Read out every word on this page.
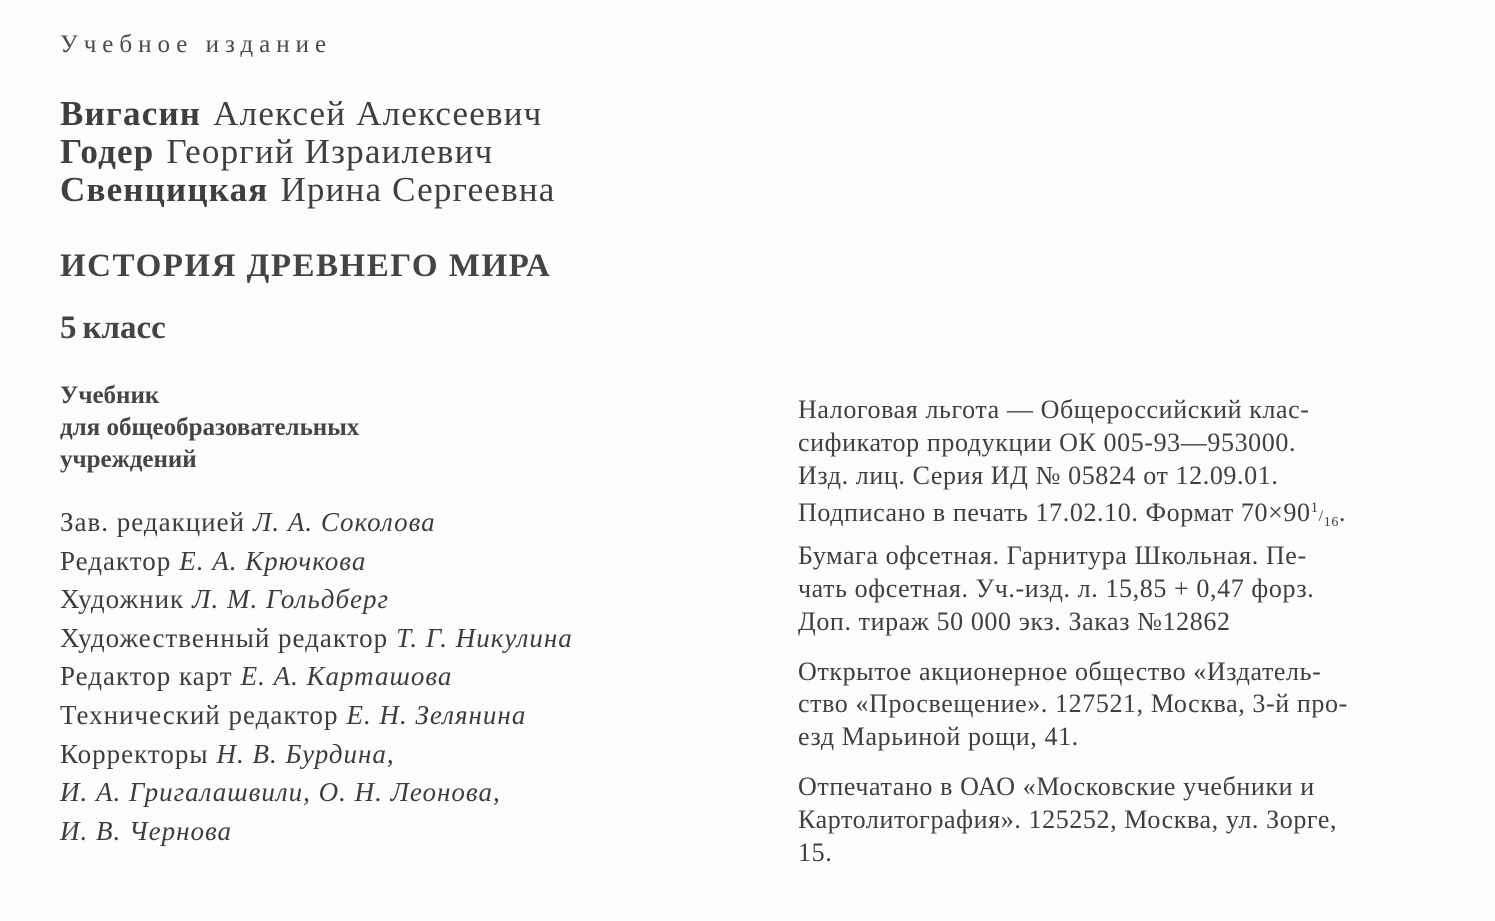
Учебное издание
Вигасин Алексей Алексеевич
Годер Георгий Израилевич
Свенцицкая Ирина Сергеевна
ИСТОРИЯ ДРЕВНЕГО МИРА
5 класс
Учебник
для общеобразовательных
учреждений
Зав. редакцией Л. А. Соколова
Редактор Е. А. Крючкова
Художник Л. М. Гольдберг
Художественный редактор Т. Г. Никулина
Редактор карт Е. А. Карташова
Технический редактор Е. Н. Зелянина
Корректоры Н. В. Бурдина,
И. А. Григалашвили, О. Н. Леонова,
И. В. Чернова
Налоговая льгота — Общероссийский клас-
сификатор продукции ОК 005-93—953000.
Изд. лиц. Серия ИД № 05824 от 12.09.01.
Подписано в печать 17.02.10. Формат $70\times 90^1/_{16}$.
Бумага офсетная. Гарнитура Школьная. Пе-
чать офсетная. Уч.-изд. л. 15,85 + 0,47 форз.
Доп. тираж 50 000 экз. Заказ №12862
Открытое акционерное общество «Издатель-
ство «Просвещение». 127521, Москва, 3-й про-
езд Марьиной рощи, 41.
Отпечатано в ОАО «Московские учебники и
Картолитография». 125252, Москва, ул. Зорге,
15.
